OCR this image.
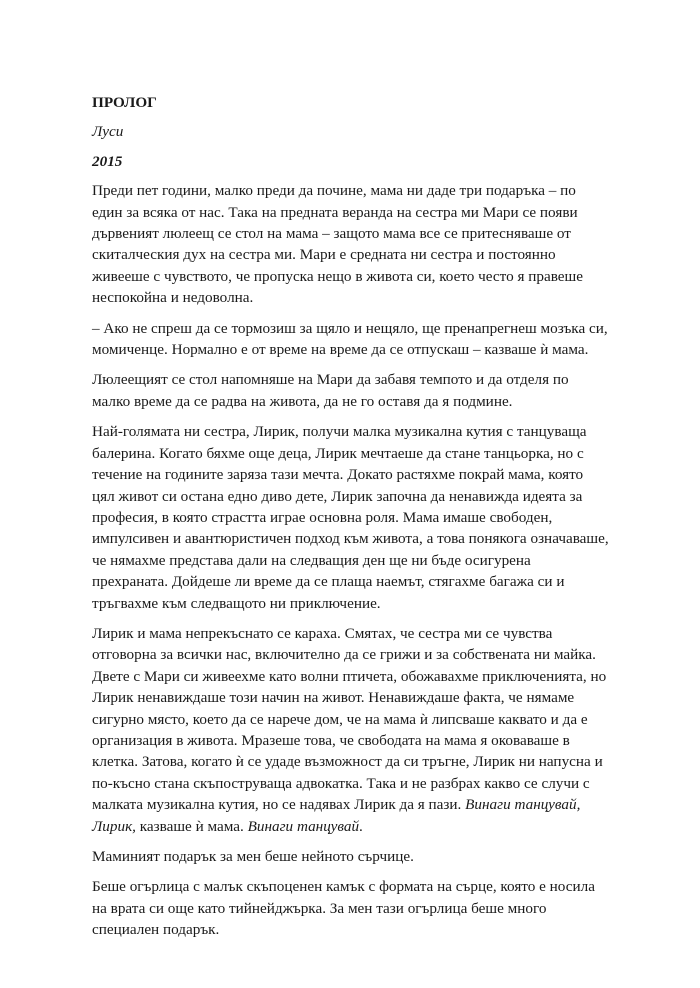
ПРОЛОГ
Луси
2015

Преди пет години, малко преди да почине, мама ни даде три подаръка – по
един за всяка от нас. Така на предната веранда на сестра ми Мари се появи
дървеният люлеещ се стол на мама – защото мама все се притесняваше от
скиталческия дух на сестра ми. Мари е средната ни сестра и постоянно
живееше с чувството, че пропуска нещо в живота си, което често я правеше
неспокойна и недоволна.

– Ако не спреш да се тормозиш за щяло и нещяло, ще пренапрегнеш мозъка си,
момиченце. Нормално е от време на време да се отпускаш – казваше ѝ мама.

Люлеещият се стол напомняше на Мари да забавя темпото и да отделя по
малко време да се радва на живота, да не го оставя да я подмине.

Най-голямата ни сестра, Лирик, получи малка музикална кутия с танцуваща
балерина. Когато бяхме още деца, Лирик мечтаеше да стане танцьорка, но с
течение на годините заряза тази мечта. Докато растяхме покрай мама, която
цял живот си остана едно диво дете, Лирик започна да ненавижда идеята за
професия, в която страстта играе основна роля. Мама имаше свободен,
импулсивен и авантюристичен подход към живота, а това понякога означаваше,
че нямахме представа дали на следващия ден ще ни бъде осигурена
прехраната. Дойдеше ли време да се плаща наемът, стягахме багажа си и
тръгвахме към следващото ни приключение.

Лирик и мама непрекъснато се караха. Смятах, че сестра ми се чувства
отговорна за всички нас, включително да се грижи и за собствената ни майка.
Двете с Мари си живеехме като волни птичета, обожавахме приключенията, но
Лирик ненавиждаше този начин на живот. Ненавиждаше факта, че нямаме
сигурно място, което да се нарече дом, че на мама ѝ липсваше каквато и да е
организация в живота. Мразеше това, че свободата на мама я оковаваше в
клетка. Затова, когато ѝ се удаде възможност да си тръгне, Лирик ни напусна и
по-късно стана скъпоструваща адвокатка. Така и не разбрах какво се случи с
малката музикална кутия, но се надявах Лирик да я пази. Винаги танцувай,
Лирик, казваше ѝ мама. Винаги танцувай.

Маминият подарък за мен беше нейното сърчице.

Беше огърлица с малък скъпоценен камък с формата на сърце, която е носила
на врата си още като тийнейджърка. За мен тази огърлица беше много
специален подарък.
